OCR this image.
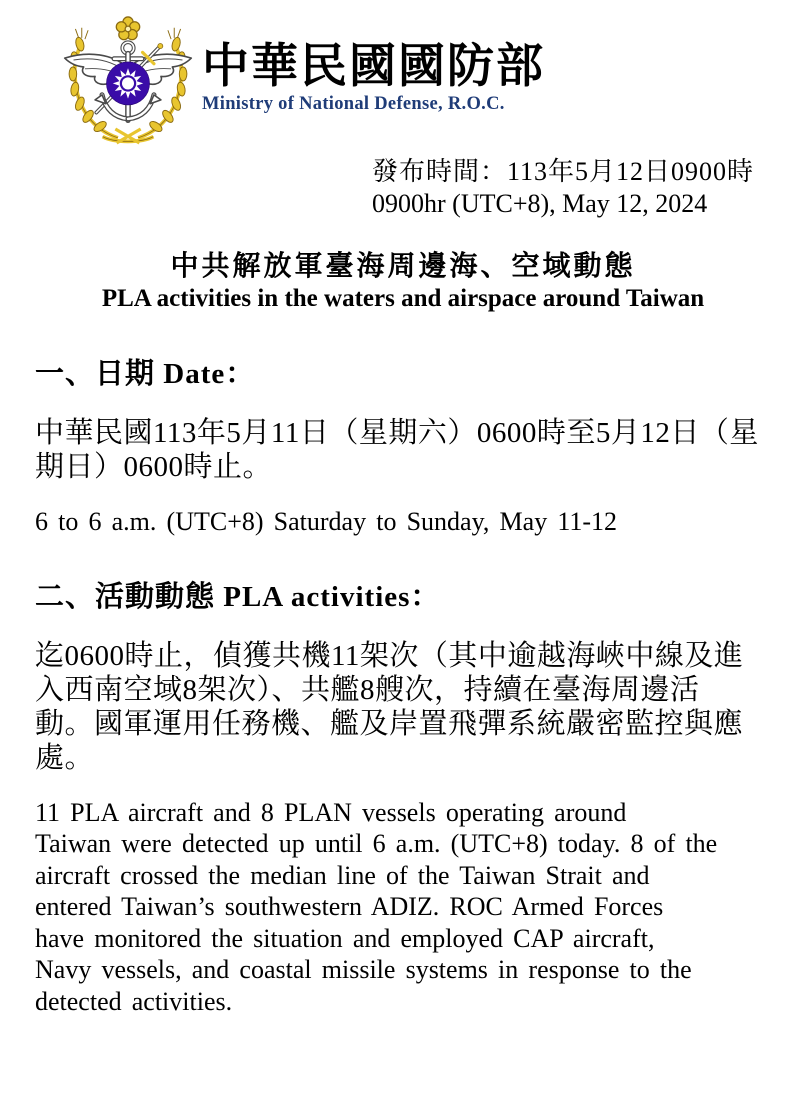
中華民國國防部
Ministry of National Defense, R.O.C.
發布時間：113年5月12日0900時
0900hr (UTC+8), May 12, 2024
中共解放軍臺海周邊海、空域動態
PLA activities in the waters and airspace around Taiwan
一、日期 Date：
中華民國113年5月11日（星期六）0600時至5月12日（星
期日）0600時止。
6 to 6 a.m. (UTC+8) Saturday to Sunday, May 11-12
二、活動動態 PLA activities：
迄0600時止，偵獲共機11架次（其中逾越海峽中線及進
入西南空域8架次）、共艦8艘次，持續在臺海周邊活
動。國軍運用任務機、艦及岸置飛彈系統嚴密監控與應
處。
11 PLA aircraft and 8 PLAN vessels operating around
Taiwan were detected up until 6 a.m. (UTC+8) today. 8 of the
aircraft crossed the median line of the Taiwan Strait and
entered Taiwan’s southwestern ADIZ. ROC Armed Forces
have monitored the situation and employed CAP aircraft,
Navy vessels, and coastal missile systems in response to the
detected activities.
